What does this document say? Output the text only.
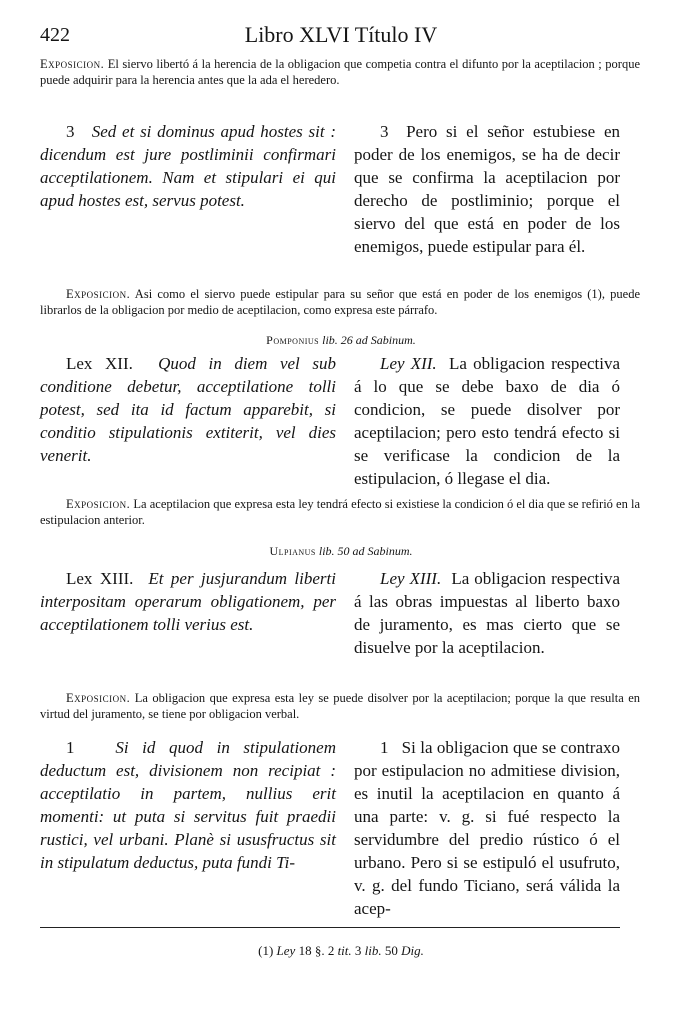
422	Libro XLVI Título IV
Exposicion. El siervo libertó á la herencia de la obligacion que competia contra el difunto por la aceptilacion ; porque puede adquirir para la herencia antes que la ada el heredero.
3 Sed et si dominus apud hostes sit : dicendum est jure postliminii confirmari acceptilationem. Nam et stipulari ei qui apud hostes est, servus potest.
3 Pero si el señor estubiese en poder de los enemigos, se ha de decir que se confirma la aceptilacion por derecho de postliminio; porque el siervo del que está en poder de los enemigos, puede estipular para él.
Exposicion. Asi como el siervo puede estipular para su señor que está en poder de los enemigos (1), puede librarlos de la obligacion por medio de aceptilacion, como expresa este párrafo.
Pomponius lib. 26 ad Sabinum.
Lex XII. Quod in diem vel sub conditione debetur, acceptilatione tolli potest, sed ita id factum apparebit, si conditio stipulationis extiterit, vel dies venerit.
Ley XII. La obligacion respectiva á lo que se debe baxo de dia ó condicion, se puede disolver por aceptilacion; pero esto tendrá efecto si se verificase la condicion de la estipulacion, ó llegase el dia.
Exposicion. La aceptilacion que expresa esta ley tendrá efecto si existiese la condicion ó el dia que se refirió en la estipulacion anterior.
Ulpianus lib. 50 ad Sabinum.
Lex XIII. Et per jusjurandum liberti interpositam operarum obligationem, per acceptilationem tolli verius est.
Ley XIII. La obligacion respectiva á las obras impuestas al liberto baxo de juramento, es mas cierto que se disuelve por la aceptilacion.
Exposicion. La obligacion que expresa esta ley se puede disolver por la aceptilacion; porque la que resulta en virtud del juramento, se tiene por obligacion verbal.
1 Si id quod in stipulationem deductum est, divisionem non recipiat : acceptilatio in partem, nullius erit momenti: ut puta si servitus fuit praedii rustici, vel urbani. Planè si ususfructus sit in stipulatum deductus, puta fundi Ti-
1 Si la obligacion que se contraxo por estipulacion no admitiese division, es inutil la aceptilacion en quanto á una parte: v. g. si fué respecto la servidumbre del predio rústico ó el urbano. Pero si se estipuló el usufruto, v. g. del fundo Ticiano, será válida la acep-
(1) Ley 18 §. 2 tit. 3 lib. 50 Dig.
